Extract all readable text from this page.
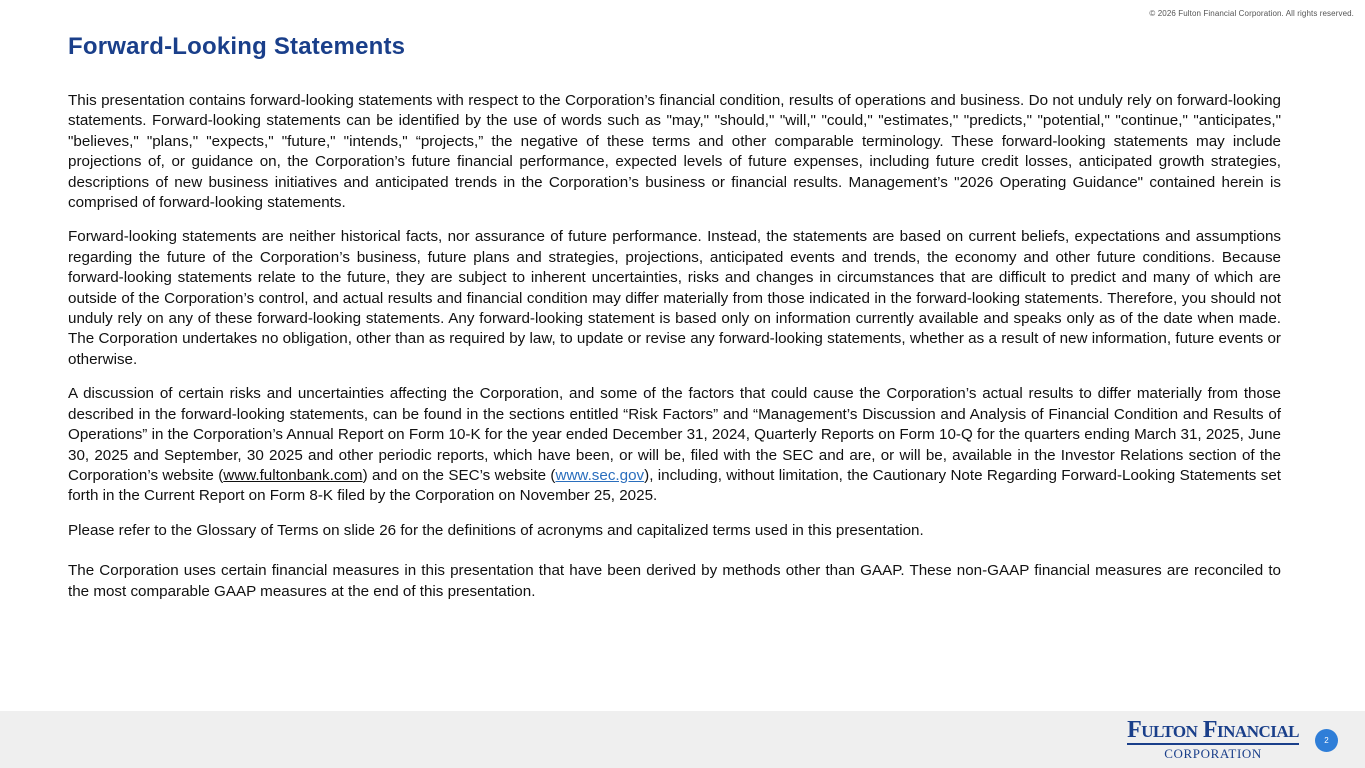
© 2026 Fulton Financial Corporation. All rights reserved.
Forward-Looking Statements

This presentation contains forward-looking statements with respect to the Corporation’s financial condition, results of operations and business. Do not unduly rely on forward-looking statements. Forward-looking statements can be identified by the use of words such as "may," "should," "will," "could," "estimates," "predicts," "potential," "continue," "anticipates," "believes," "plans," "expects," "future," "intends," “projects,” the negative of these terms and other comparable terminology. These forward-looking statements may include projections of, or guidance on, the Corporation’s future financial performance, expected levels of future expenses, including future credit losses, anticipated growth strategies, descriptions of new business initiatives and anticipated trends in the Corporation’s business or financial results. Management’s "2026 Operating Guidance" contained herein is comprised of forward-looking statements.

Forward-looking statements are neither historical facts, nor assurance of future performance. Instead, the statements are based on current beliefs, expectations and assumptions regarding the future of the Corporation’s business, future plans and strategies, projections, anticipated events and trends, the economy and other future conditions. Because forward-looking statements relate to the future, they are subject to inherent uncertainties, risks and changes in circumstances that are difficult to predict and many of which are outside of the Corporation’s control, and actual results and financial condition may differ materially from those indicated in the forward-looking statements. Therefore, you should not unduly rely on any of these forward-looking statements. Any forward-looking statement is based only on information currently available and speaks only as of the date when made. The Corporation undertakes no obligation, other than as required by law, to update or revise any forward-looking statements, whether as a result of new information, future events or otherwise.

A discussion of certain risks and uncertainties affecting the Corporation, and some of the factors that could cause the Corporation’s actual results to differ materially from those described in the forward-looking statements, can be found in the sections entitled “Risk Factors” and “Management’s Discussion and Analysis of Financial Condition and Results of Operations” in the Corporation’s Annual Report on Form 10-K for the year ended December 31, 2024, Quarterly Reports on Form 10-Q for the quarters ending March 31, 2025, June 30, 2025 and September, 30 2025 and other periodic reports, which have been, or will be, filed with the SEC and are, or will be, available in the Investor Relations section of the Corporation’s website (www.fultonbank.com) and on the SEC’s website (www.sec.gov), including, without limitation, the Cautionary Note Regarding Forward-Looking Statements set forth in the Current Report on Form 8-K filed by the Corporation on November 25, 2025.

Please refer to the Glossary of Terms on slide 26 for the definitions of acronyms and capitalized terms used in this presentation.

The Corporation uses certain financial measures in this presentation that have been derived by methods other than GAAP. These non-GAAP financial measures are reconciled to the most comparable GAAP measures at the end of this presentation.

Fulton Financial
CORPORATION
2
